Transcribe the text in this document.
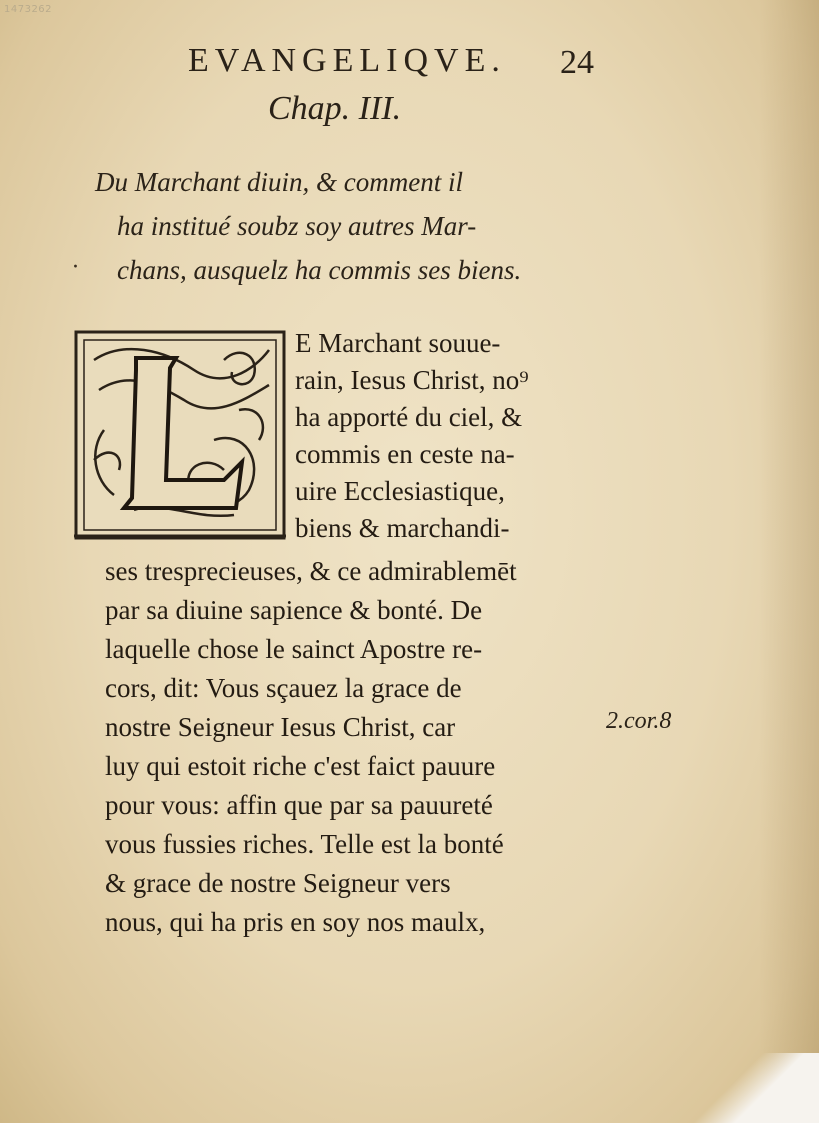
1473262
EVANGELIQVE. 24
Chap. III.
·
Du Marchant diuin, & comment il
ha institué soubz soy autres Mar-
chans, ausquelz ha commis ses biens.
E Marchant souue-
rain, Iesus Christ, no⁹
ha apporté du ciel, &
commis en ceste na-
uire Ecclesiastique,
biens & marchandi-
ses tresprecieuses, & ce admirablemēt
par sa diuine sapience & bonté. De
laquelle chose le sainct Apostre re-
cors, dit: Vous sçauez la grace de
nostre Seigneur Iesus Christ, car
luy qui estoit riche c'est faict pauure
pour vous: affin que par sa pauureté
vous fussies riches. Telle est la bonté
& grace de nostre Seigneur vers
nous, qui ha pris en soy nos maulx,
2.cor.8
